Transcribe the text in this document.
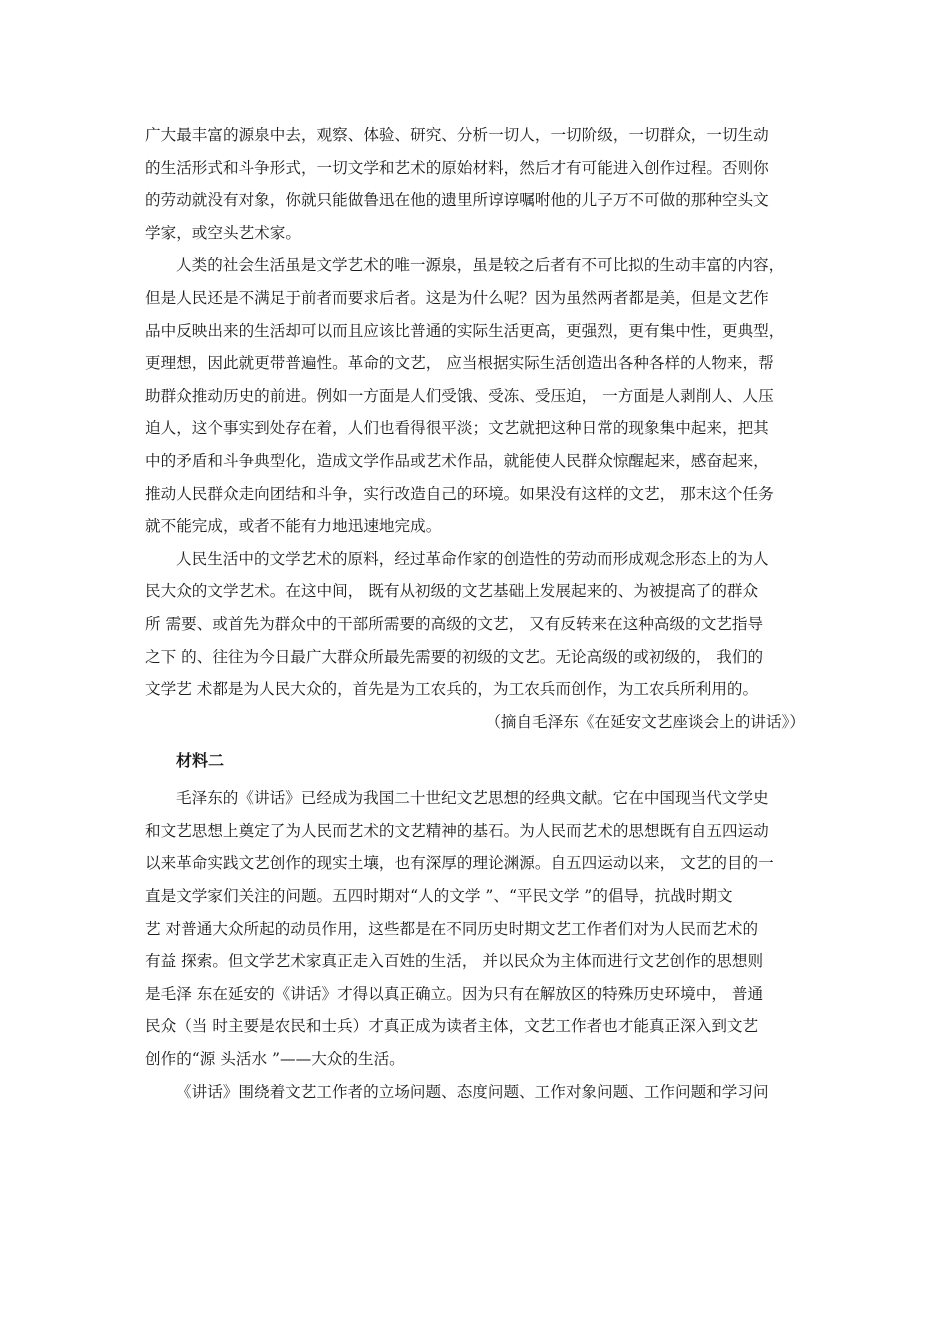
广大最丰富的源泉中去，观察、体验、研究、分析一切人，一切阶级，一切群众，一切生动
的生活形式和斗争形式，一切文学和艺术的原始材料，然后才有可能进入创作过程。否则你
的劳动就没有对象，你就只能做鲁迅在他的遗里所谆谆嘱咐他的儿子万不可做的那种空头文
学家，或空头艺术家。
人类的社会生活虽是文学艺术的唯一源泉，虽是较之后者有不可比拟的生动丰富的内容，
但是人民还是不满足于前者而要求后者。这是为什么呢？因为虽然两者都是美，但是文艺作
品中反映出来的生活却可以而且应该比普通的实际生活更高，更强烈，更有集中性，更典型，
更理想，因此就更带普遍性。革命的文艺， 应当根据实际生活创造出各种各样的人物来，帮
助群众推动历史的前进。例如一方面是人们受饿、受冻、受压迫， 一方面是人剥削人、人压
迫人，这个事实到处存在着，人们也看得很平淡；文艺就把这种日常的现象集中起来，把其
中的矛盾和斗争典型化，造成文学作品或艺术作品，就能使人民群众惊醒起来，感奋起来，
推动人民群众走向团结和斗争，实行改造自己的环境。如果没有这样的文艺， 那末这个任务
就不能完成，或者不能有力地迅速地完成。
人民生活中的文学艺术的原料，经过革命作家的创造性的劳动而形成观念形态上的为人
民大众的文学艺术。在这中间， 既有从初级的文艺基础上发展起来的、为被提高了的群众
所 需要、或首先为群众中的干部所需要的高级的文艺， 又有反转来在这种高级的文艺指导
之下 的、往往为今日最广大群众所最先需要的初级的文艺。无论高级的或初级的， 我们的
文学艺 术都是为人民大众的，首先是为工农兵的，为工农兵而创作，为工农兵所利用的。
（摘自毛泽东《在延安文艺座谈会上的讲话》）
材料二
毛泽东的《讲话》已经成为我国二十世纪文艺思想的经典文献。它在中国现当代文学史
和文艺思想上奠定了为人民而艺术的文艺精神的基石。为人民而艺术的思想既有自五四运动
以来革命实践文艺创作的现实土壤，也有深厚的理论渊源。自五四运动以来， 文艺的目的一
直是文学家们关注的问题。五四时期对“人的文学 ”、“平民文学 ”的倡导，抗战时期文
艺 对普通大众所起的动员作用，这些都是在不同历史时期文艺工作者们对为人民而艺术的
有益 探索。但文学艺术家真正走入百姓的生活， 并以民众为主体而进行文艺创作的思想则
是毛泽 东在延安的《讲话》才得以真正确立。因为只有在解放区的特殊历史环境中， 普通
民众（当 时主要是农民和士兵）才真正成为读者主体，文艺工作者也才能真正深入到文艺
创作的“源 头活水 ”——大众的生活。
《讲话》围绕着文艺工作者的立场问题、态度问题、工作对象问题、工作问题和学习问
